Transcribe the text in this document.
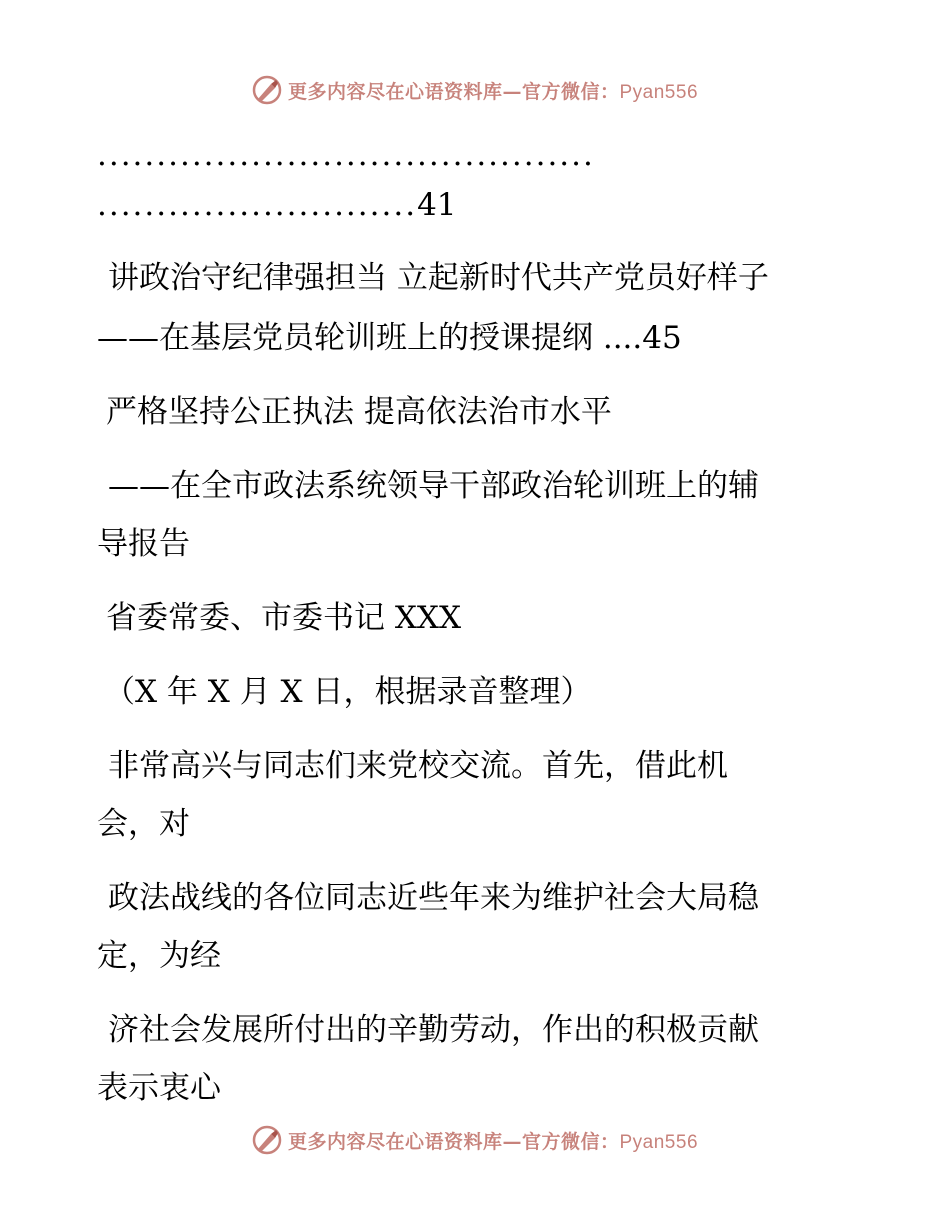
更多内容尽在心语资料库—官方微信：Pyan556
..........................................
...........................41
讲政治守纪律强担当 立起新时代共产党员好样子
——在基层党员轮训班上的授课提纲 ....45
严格坚持公正执法 提高依法治市水平
——在全市政法系统领导干部政治轮训班上的辅
导报告
省委常委、市委书记 XXX
（X 年 X 月 X 日，根据录音整理）
非常高兴与同志们来党校交流。首先，借此机
会，对
政法战线的各位同志近些年来为维护社会大局稳
定，为经
济社会发展所付出的辛勤劳动，作出的积极贡献
表示衷心
更多内容尽在心语资料库—官方微信：Pyan556
